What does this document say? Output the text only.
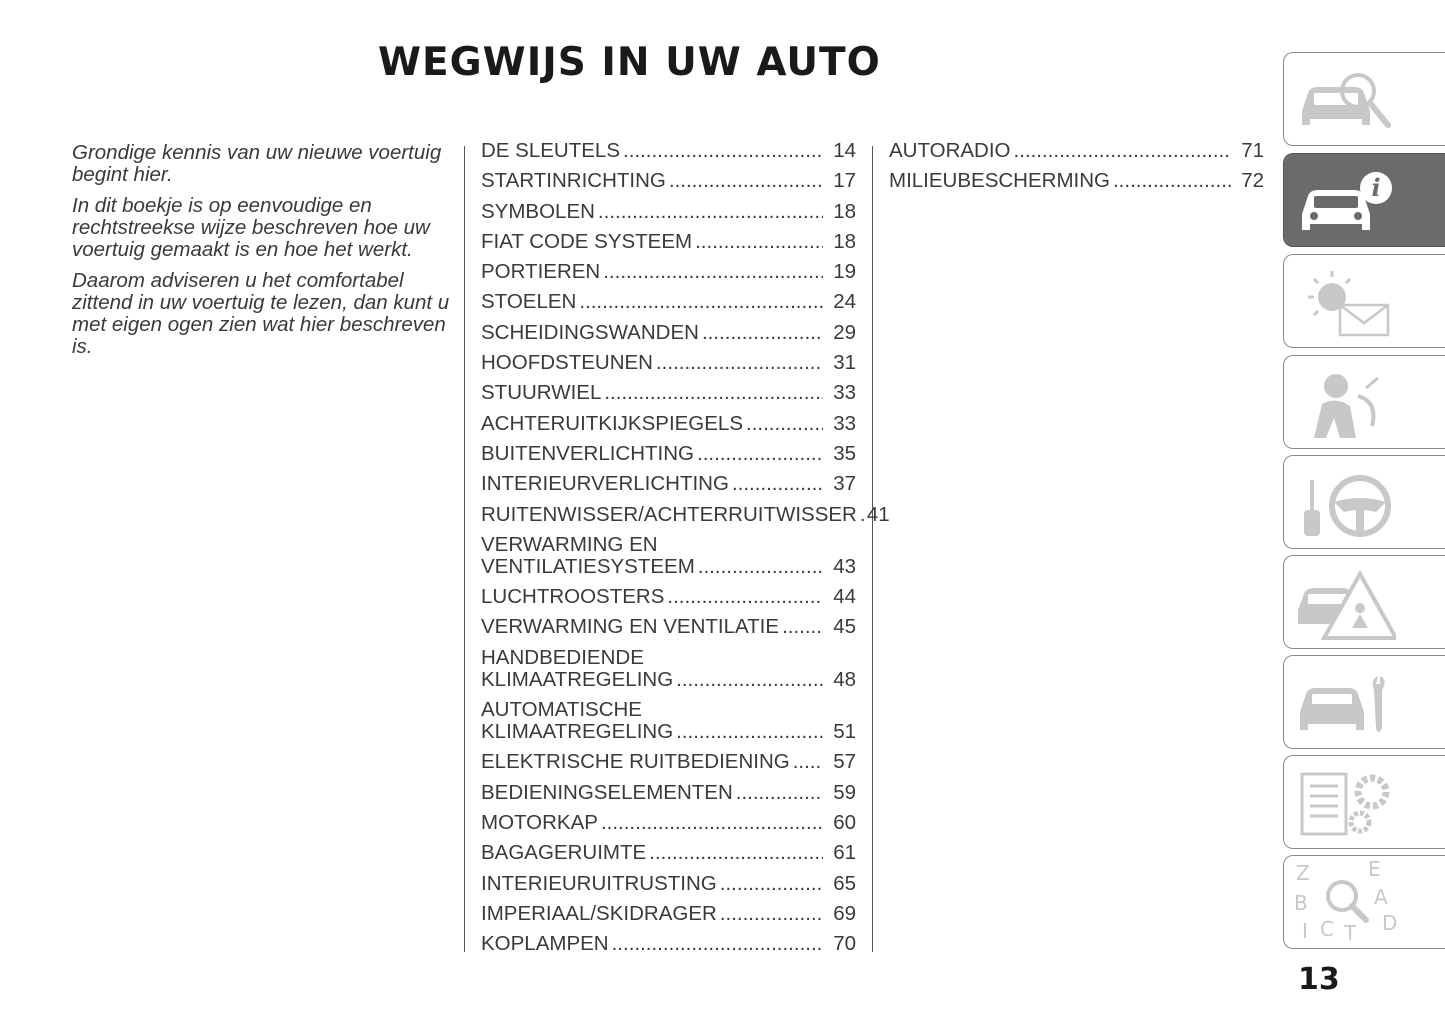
WEGWIJS IN UW AUTO

Grondige kennis van uw nieuwe voertuig begint hier.

In dit boekje is op eenvoudige en rechtstreekse wijze beschreven hoe uw voertuig gemaakt is en hoe het werkt.

Daarom adviseren u het comfortabel zittend in uw voertuig te lezen, dan kunt u met eigen ogen zien wat hier beschreven is.

DE SLEUTELS .....	14
STARTINRICHTING .....	17
SYMBOLEN .....	18
FIAT CODE SYSTEEM .....	18
PORTIEREN .....	19
STOELEN .....	24
SCHEIDINGSWANDEN .....	29
HOOFDSTEUNEN .....	31
STUURWIEL .....	33
ACHTERUITKIJKSPIEGELS .....	33
BUITENVERLICHTING .....	35
INTERIEURVERLICHTING .....	37
RUITENWISSER/ACHTERRUITWISSER ..... 41
VERWARMING EN
VENTILATIESYSTEEM .....	43
LUCHTROOSTERS .....	44
VERWARMING EN VENTILATIE .....	45
HANDBEDIENDE
KLIMAATREGELING .....	48
AUTOMATISCHE
KLIMAATREGELING .....	51
ELEKTRISCHE RUITBEDIENING .....	57
BEDIENINGSELEMENTEN .....	59
MOTORKAP .....	60
BAGAGERUIMTE .....	61
INTERIEURUITRUSTING .....	65
IMPERIAAL/SKIDRAGER .....	69
KOPLAMPEN .....	70
AUTORADIO .....	71
MILIEUBESCHERMING .....	72	i
Z	E
A
B
D
I C T
13
